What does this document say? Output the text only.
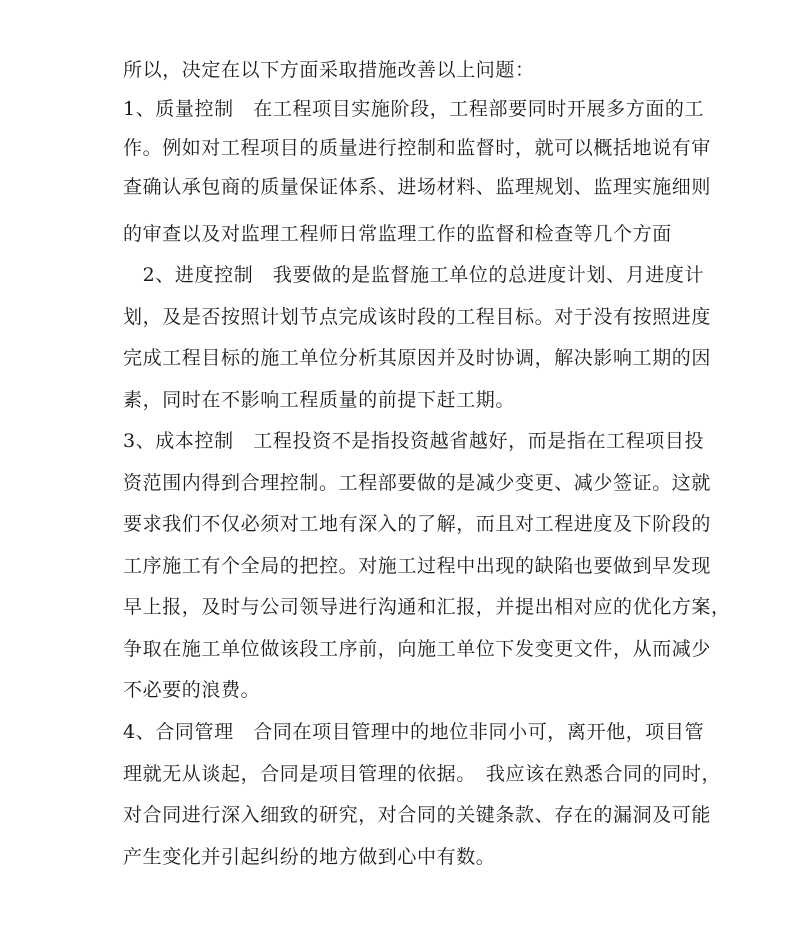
所以，决定在以下方面采取措施改善以上问题：
1、质量控制　在工程项目实施阶段，工程部要同时开展多方面的工
作。例如对工程项目的质量进行控制和监督时，就可以概括地说有审
查确认承包商的质量保证体系、进场材料、监理规划、监理实施细则
的审查以及对监理工程师日常监理工作的监督和检查等几个方面
　2、进度控制　我要做的是监督施工单位的总进度计划、月进度计
划，及是否按照计划节点完成该时段的工程目标。对于没有按照进度
完成工程目标的施工单位分析其原因并及时协调，解决影响工期的因
素，同时在不影响工程质量的前提下赶工期。
3、成本控制　工程投资不是指投资越省越好，而是指在工程项目投
资范围内得到合理控制。工程部要做的是减少变更、减少签证。这就
要求我们不仅必须对工地有深入的了解，而且对工程进度及下阶段的
工序施工有个全局的把控。对施工过程中出现的缺陷也要做到早发现
早上报，及时与公司领导进行沟通和汇报，并提出相对应的优化方案，
争取在施工单位做该段工序前，向施工单位下发变更文件，从而减少
不必要的浪费。
4、合同管理　合同在项目管理中的地位非同小可，离开他，项目管
理就无从谈起，合同是项目管理的依据。　我应该在熟悉合同的同时，
对合同进行深入细致的研究，对合同的关键条款、存在的漏洞及可能
产生变化并引起纠纷的地方做到心中有数。
